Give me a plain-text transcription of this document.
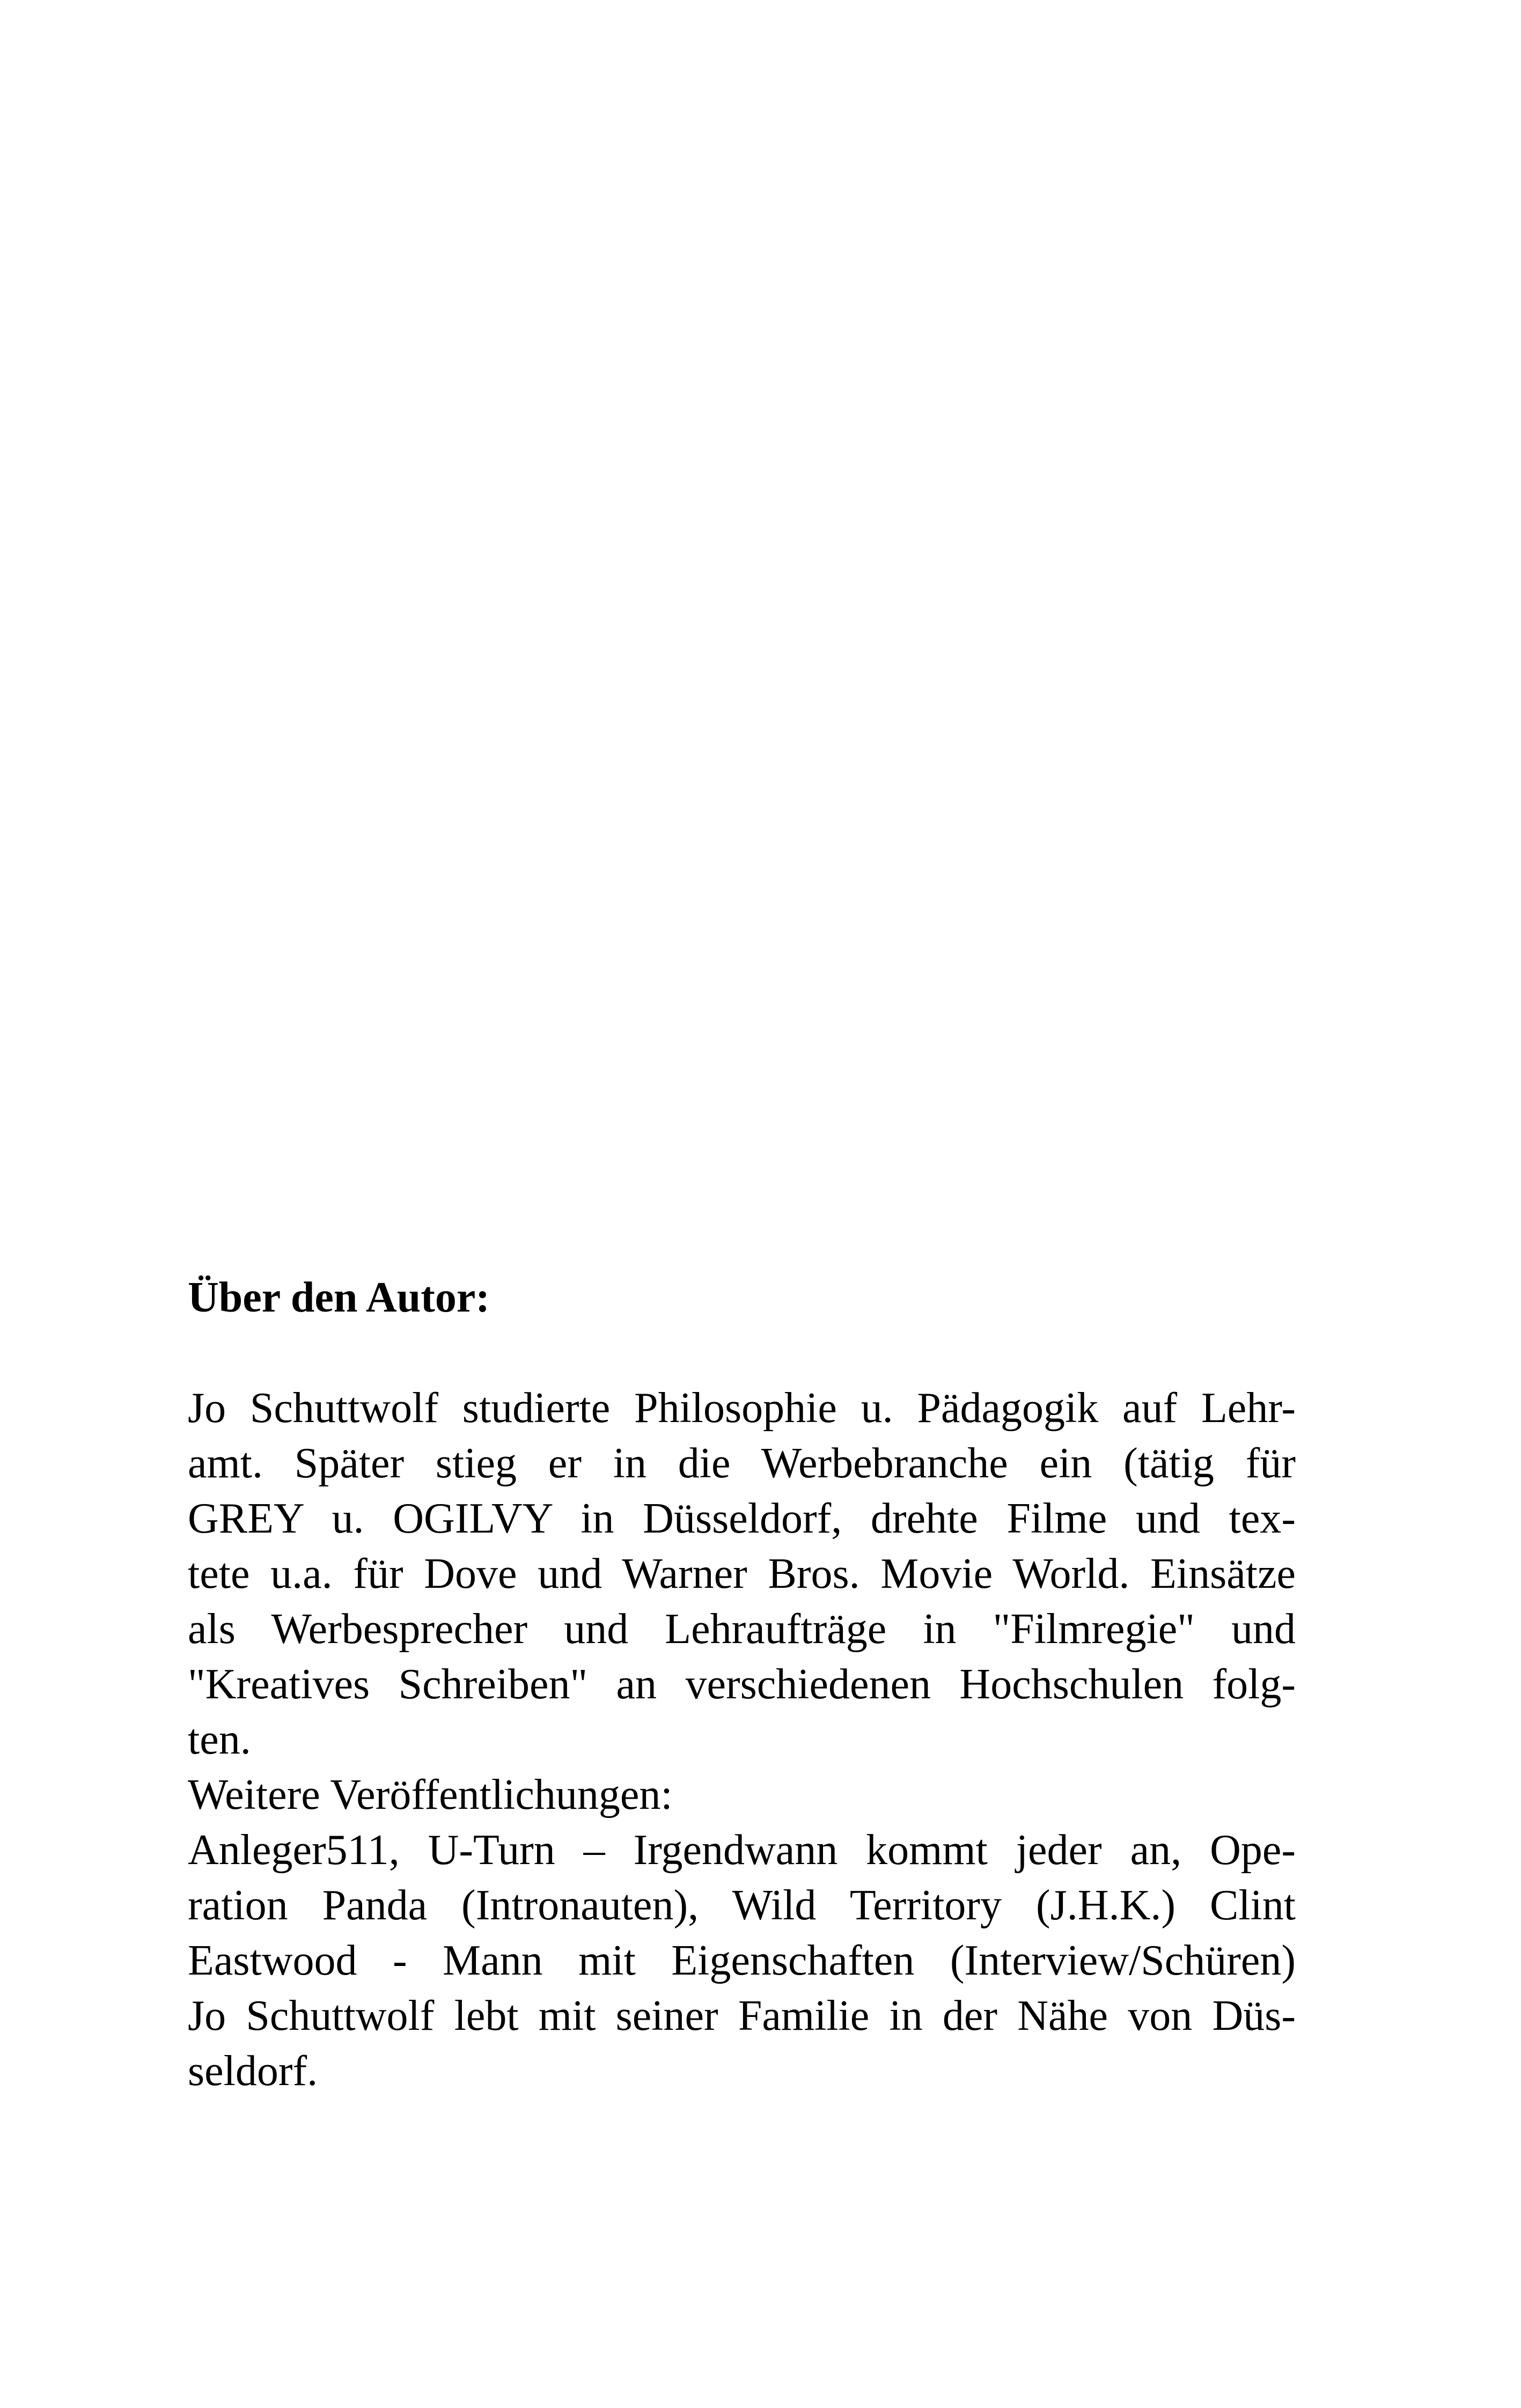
Über den Autor:

Jo Schuttwolf studierte Philosophie u. Pädagogik auf Lehr-
amt. Später stieg er in die Werbebranche ein (tätig für
GREY u. OGILVY in Düsseldorf, drehte Filme und tex-
tete u.a. für Dove und Warner Bros. Movie World. Einsätze
als Werbesprecher und Lehraufträge in "Filmregie" und
"Kreatives Schreiben" an verschiedenen Hochschulen folg-
ten.
Weitere Veröffentlichungen:
Anleger511, U-Turn – Irgendwann kommt jeder an, Ope-
ration Panda (Intronauten), Wild Territory (J.H.K.) Clint
Eastwood - Mann mit Eigenschaften (Interview/Schüren)
Jo Schuttwolf lebt mit seiner Familie in der Nähe von Düs-
seldorf.
